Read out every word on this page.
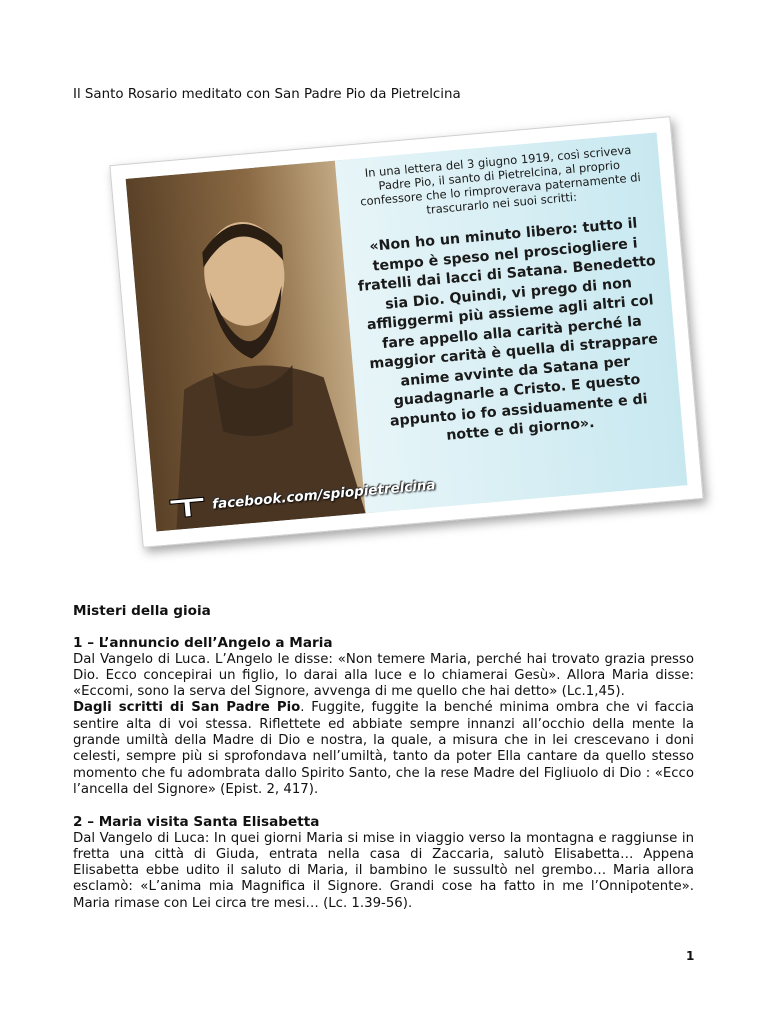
Il Santo Rosario meditato con San Padre Pio da Pietrelcina
In una lettera del 3 giugno 1919, così scriveva Padre Pio, il santo di Pietrelcina, al proprio confessore che lo rimproverava paternamente di trascurarlo nei suoi scritti:
«Non ho un minuto libero: tutto il tempo è speso nel prosciogliere i fratelli dai lacci di Satana. Benedetto sia Dio. Quindi, vi prego di non affliggermi più assieme agli altri col fare appello alla carità perché la maggior carità è quella di strappare anime avvinte da Satana per guadagnarle a Cristo. E questo appunto io fo assiduamente e di notte e di giorno».
facebook.com/spiopietrelcina
Misteri della gioia
1 – L’annuncio dell’Angelo a Maria

Dal Vangelo di Luca. L’Angelo le disse: «Non temere Maria, perché hai trovato grazia presso Dio. Ecco concepirai un figlio, lo darai alla luce e lo chiamerai Gesù». Allora Maria disse: «Eccomi, sono la serva del Signore, avvenga di me quello che hai detto» (Lc.1,45).

Dagli scritti di San Padre Pio. Fuggite, fuggite la benché minima ombra che vi faccia sentire alta di voi stessa. Riflettete ed abbiate sempre innanzi all’occhio della mente la grande umiltà della Madre di Dio e nostra, la quale, a misura che in lei crescevano i doni celesti, sempre più si sprofondava nell’umiltà, tanto da poter Ella cantare da quello stesso momento che fu adombrata dallo Spirito Santo, che la rese Madre del Figliuolo di Dio : «Ecco l’ancella del Signore» (Epist. 2, 417).

2 – Maria visita Santa Elisabetta

Dal Vangelo di Luca: In quei giorni Maria si mise in viaggio verso la montagna e raggiunse in fretta una città di Giuda, entrata nella casa di Zaccaria, salutò Elisabetta… Appena Elisabetta ebbe udito il saluto di Maria, il bambino le sussultò nel grembo… Maria allora esclamò: «L’anima mia Magnifica il Signore. Grandi cose ha fatto in me l’Onnipotente». Maria rimase con Lei circa tre mesi… (Lc. 1.39-56).

1
